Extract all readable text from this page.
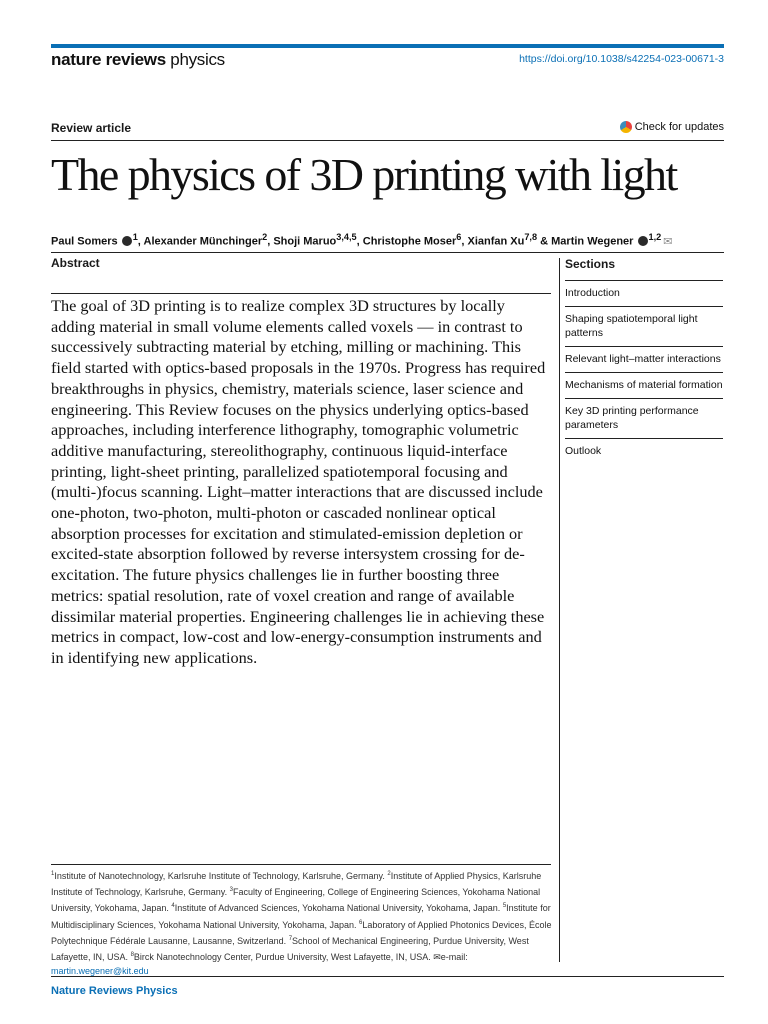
nature reviews physics	https://doi.org/10.1038/s42254-023-00671-3
Review article	Check for updates
The physics of 3D printing with light
Paul Somers $^1$, Alexander Münchinger$^2$, Shoji Maruo$^{3,4,5}$, Christophe Moser$^6$, Xianfan Xu$^{7,8}$ & Martin Wegener $^{1,2}$ ✉
Abstract

The goal of 3D printing is to realize complex 3D structures by locally adding material in small volume elements called voxels — in contrast to successively subtracting material by etching, milling or machining. This field started with optics-based proposals in the 1970s. Progress has required breakthroughs in physics, chemistry, materials science, laser science and engineering. This Review focuses on the physics underlying optics-based approaches, including interference lithography, tomographic volumetric additive manufacturing, stereolithography, continuous liquid-interface printing, light-sheet printing, parallelized spatiotemporal focusing and (multi-)focus scanning. Light–matter interactions that are discussed include one-photon, two-photon, multi-photon or cascaded nonlinear optical absorption processes for excitation and stimulated-emission depletion or excited-state absorption followed by reverse intersystem crossing for de-excitation. The future physics challenges lie in further boosting three metrics: spatial resolution, rate of voxel creation and range of available dissimilar material properties. Engineering challenges lie in achieving these metrics in compact, low-cost and low-energy-consumption instruments and in identifying new applications.

Sections
Introduction
Shaping spatiotemporal light patterns
Relevant light–matter interactions
Mechanisms of material formation
Key 3D printing performance parameters
Outlook

$^1$Institute of Nanotechnology, Karlsruhe Institute of Technology, Karlsruhe, Germany. $^2$Institute of Applied Physics, Karlsruhe Institute of Technology, Karlsruhe, Germany. $^3$Faculty of Engineering, College of Engineering Sciences, Yokohama National University, Yokohama, Japan. $^4$Institute of Advanced Sciences, Yokohama National University, Yokohama, Japan. $^5$Institute for Multidisciplinary Sciences, Yokohama National University, Yokohama, Japan. $^6$Laboratory of Applied Photonics Devices, École Polytechnique Fédérale Lausanne, Lausanne, Switzerland. $^7$School of Mechanical Engineering, Purdue University, West Lafayette, IN, USA. $^8$Birck Nanotechnology Center, Purdue University, West Lafayette, IN, USA. ✉e-mail: martin.wegener@kit.edu

Nature Reviews Physics
